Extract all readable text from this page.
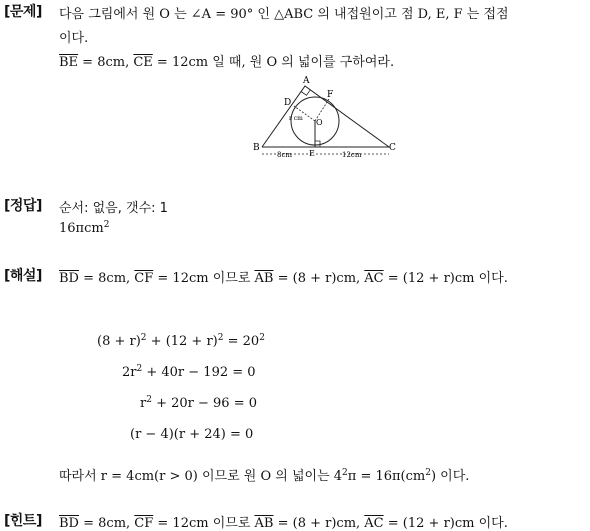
[문제] 다음 그림에서 원 O 는 ∠A = 90° 인 △ABC 의 내접원이고 점 D, E, F 는 접점
이다.
$\overline{BE} = 8cm$, $\overline{CE} = 12cm$ 일 때, 원 O 의 넓이를 구하여라.
A
B	C
D
E
F
O
r cm
8cm	12cm
[정답] 순서: 없음, 갯수: 1
16πcm$^2$
[해설] $\overline{BD} = 8cm$, $\overline{CF} = 12cm$ 이므로 $\overline{AB} = (8 + r)cm$, $\overline{AC} = (12 + r)cm$ 이다.
$(8 + r)^2 + (12 + r)^2 = 20^2$
$2r^2 + 40r - 192 = 0$
$r^2 + 20r - 96 = 0$
(r − 4)(r + 24) = 0
따라서 r = 4cm(r > 0) 이므로 원 O 의 넓이는 $4^2\pi = 16\pi(cm^2)$ 이다.
[힌트] $\overline{BD} = 8cm$, $\overline{CF} = 12cm$ 이므로 $\overline{AB} = (8 + r)cm$, $\overline{AC} = (12 + r)cm$ 이다.
